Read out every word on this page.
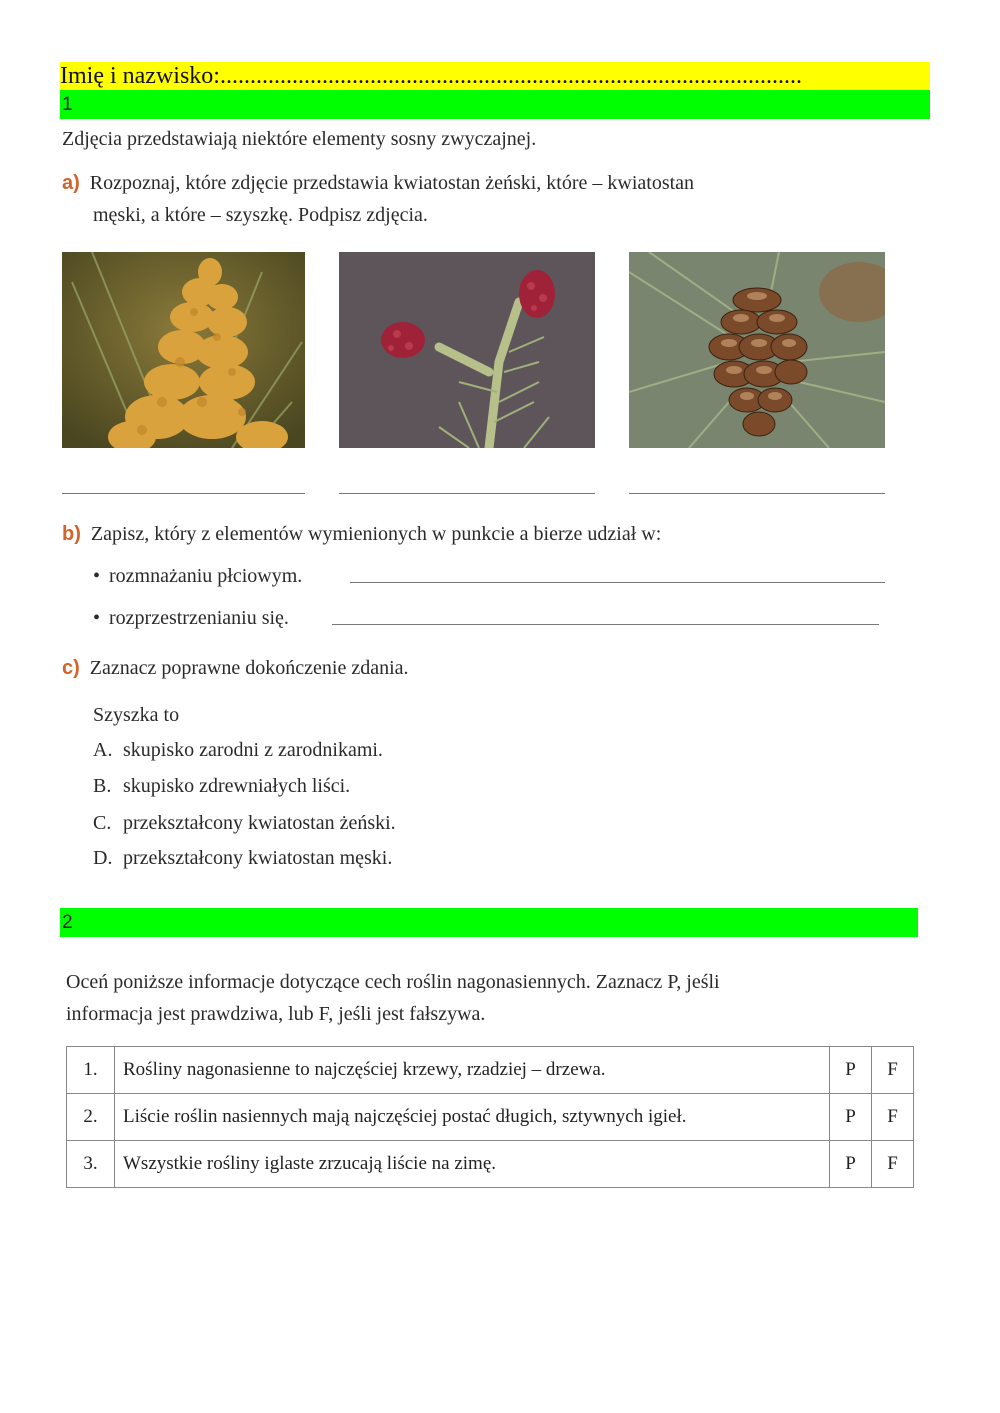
Imię i nazwisko:.................................................................................................
1
Zdjęcia przedstawiają niektóre elementy sosny zwyczajnej.
a) Rozpoznaj, które zdjęcie przedstawia kwiatostan żeński, które – kwiatostan
męski, a które – szyszkę. Podpisz zdjęcia.
b) Zapisz, który z elementów wymienionych w punkcie a bierze udział w:
• rozmnażaniu płciowym.
• rozprzestrzenianiu się.
c) Zaznacz poprawne dokończenie zdania.
Szyszka to
A. skupisko zarodni z zarodnikami.
B. skupisko zdrewniałych liści.
C. przekształcony kwiatostan żeński.
D. przekształcony kwiatostan męski.
2
Oceń poniższe informacje dotyczące cech roślin nagonasiennych. Zaznacz P, jeśli
informacja jest prawdziwa, lub F, jeśli jest fałszywa.
1.	Rośliny nagonasienne to najczęściej krzewy, rzadziej – drzewa.	P	F
2.	Liście roślin nasiennych mają najczęściej postać długich, sztywnych igieł.	P	F
3.	Wszystkie rośliny iglaste zrzucają liście na zimę.	P	F
